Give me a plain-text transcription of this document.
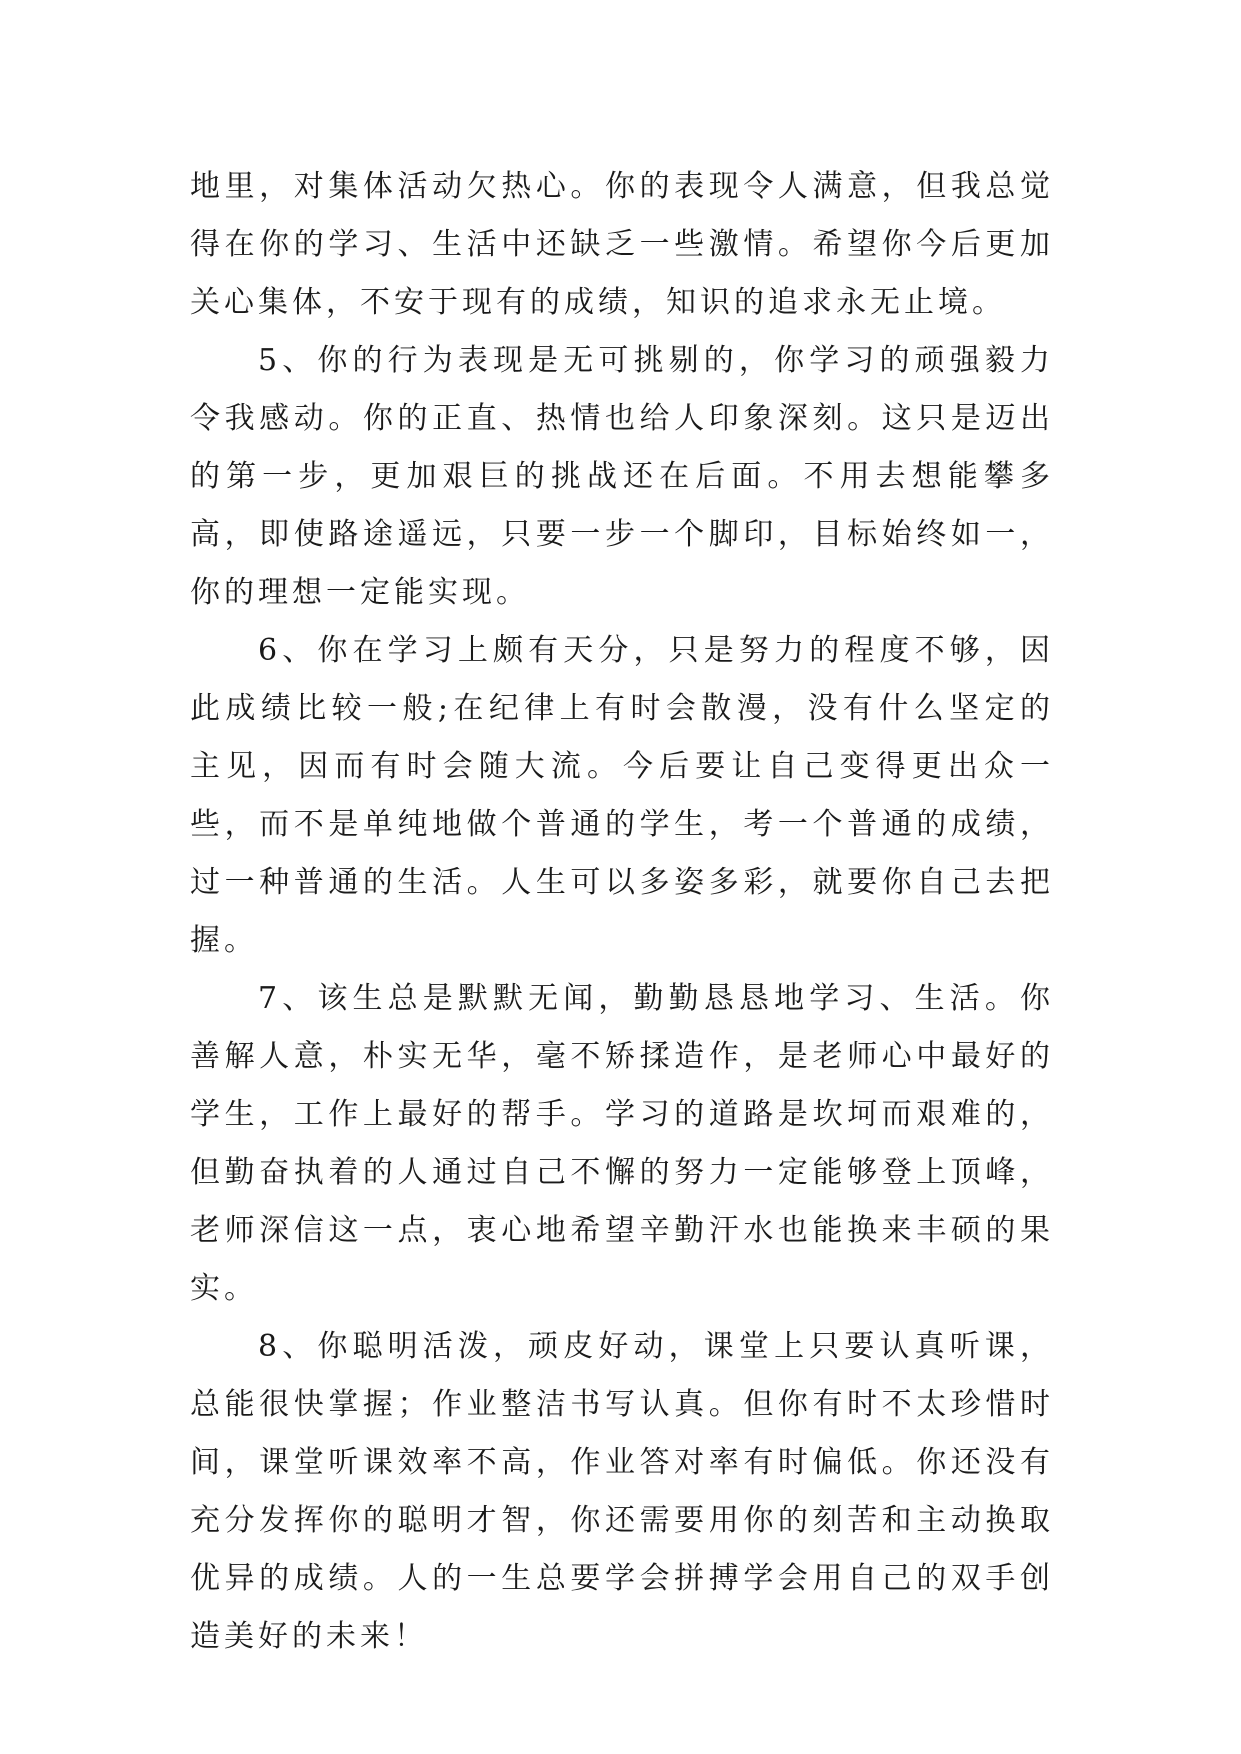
地里，对集体活动欠热心。你的表现令人满意，但我总觉得在你的学习、生活中还缺乏一些激情。希望你今后更加关心集体，不安于现有的成绩，知识的追求永无止境。

5、你的行为表现是无可挑剔的，你学习的顽强毅力令我感动。你的正直、热情也给人印象深刻。这只是迈出的第一步，更加艰巨的挑战还在后面。不用去想能攀多高，即使路途遥远，只要一步一个脚印，目标始终如一，你的理想一定能实现。

6、你在学习上颇有天分，只是努力的程度不够，因此成绩比较一般;在纪律上有时会散漫，没有什么坚定的主见，因而有时会随大流。今后要让自己变得更出众一些，而不是单纯地做个普通的学生，考一个普通的成绩，过一种普通的生活。人生可以多姿多彩，就要你自己去把握。

7、该生总是默默无闻，勤勤恳恳地学习、生活。你善解人意，朴实无华，毫不矫揉造作，是老师心中最好的学生，工作上最好的帮手。学习的道路是坎坷而艰难的，但勤奋执着的人通过自己不懈的努力一定能够登上顶峰，老师深信这一点，衷心地希望辛勤汗水也能换来丰硕的果实。

8、你聪明活泼，顽皮好动，课堂上只要认真听课，总能很快掌握；作业整洁书写认真。但你有时不太珍惜时间，课堂听课效率不高，作业答对率有时偏低。你还没有充分发挥你的聪明才智，你还需要用你的刻苦和主动换取优异的成绩。人的一生总要学会拼搏学会用自己的双手创造美好的未来！
